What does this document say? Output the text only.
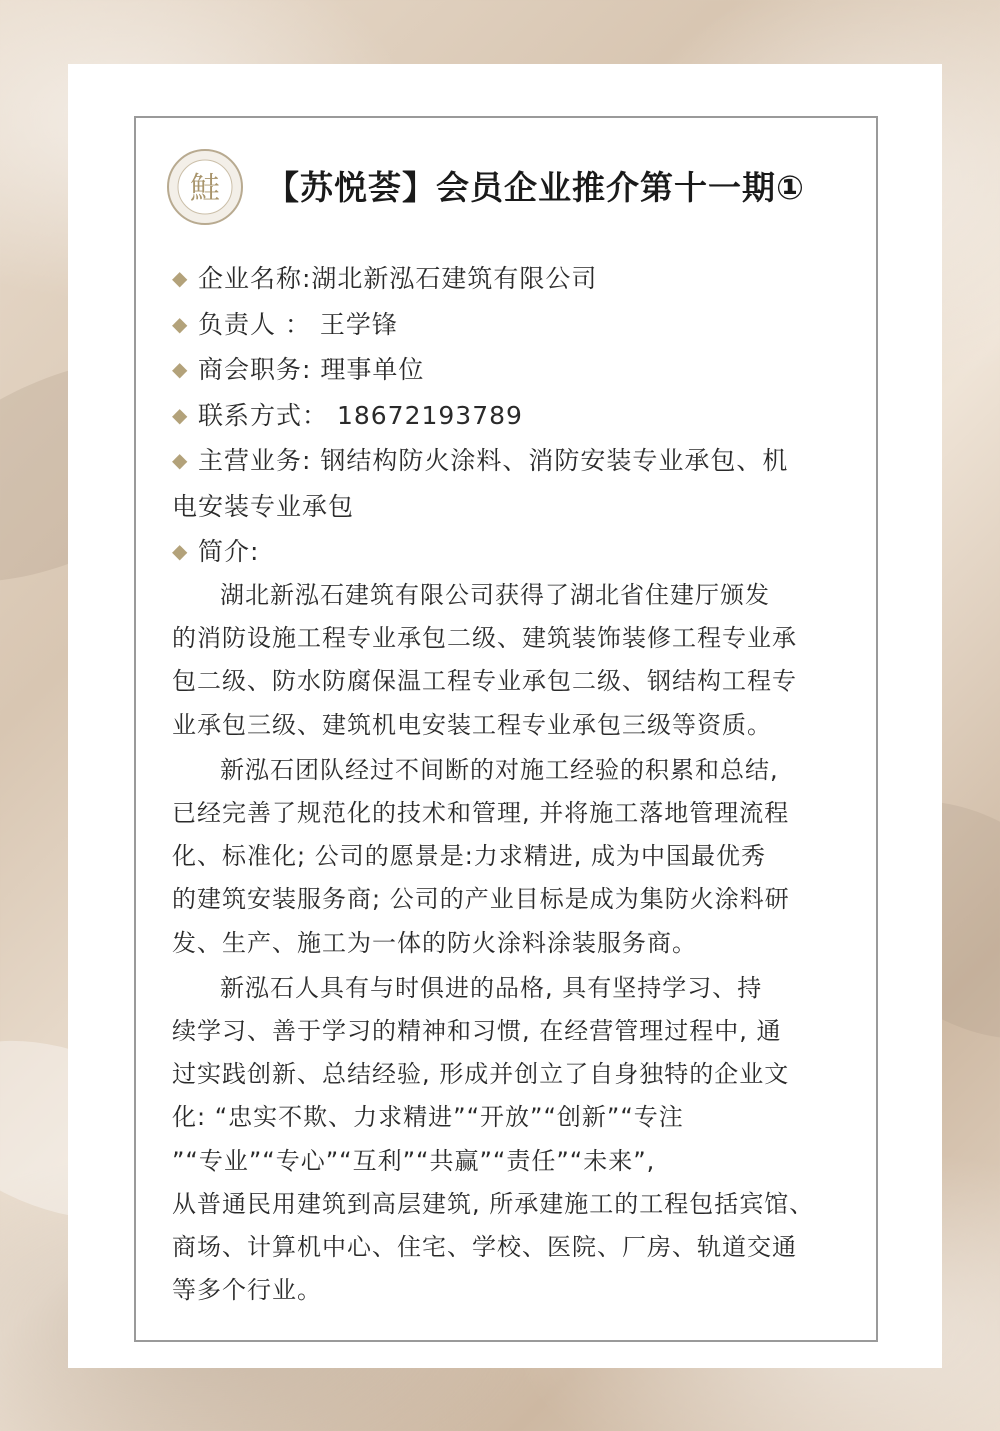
鮭 【苏悦荟】会员企业推介第十一期①
◆ 企业名称:湖北新泓石建筑有限公司
◆ 负责人 ： 王学锋
◆ 商会职务: 理事单位
◆ 联系方式： 18672193789
◆ 主营业务: 钢结构防火涂料、消防安装专业承包、机
电安装专业承包
◆ 简介:

湖北新泓石建筑有限公司获得了湖北省住建厅颁发
的消防设施工程专业承包二级、建筑装饰装修工程专业承
包二级、防水防腐保温工程专业承包二级、钢结构工程专
业承包三级、建筑机电安装工程专业承包三级等资质。

新泓石团队经过不间断的对施工经验的积累和总结,
已经完善了规范化的技术和管理, 并将施工落地管理流程
化、标准化; 公司的愿景是:力求精进, 成为中国最优秀
的建筑安装服务商; 公司的产业目标是成为集防火涂料研
发、生产、施工为一体的防火涂料涂装服务商。

新泓石人具有与时俱进的品格, 具有坚持学习、持
续学习、善于学习的精神和习惯, 在经营管理过程中, 通
过实践创新、总结经验, 形成并创立了自身独特的企业文
化: “忠实不欺、力求精进”“开放”“创新”“专注
”“专业”“专心”“互利”“共赢”“责任”“未来”,
从普通民用建筑到高层建筑, 所承建施工的工程包括宾馆、
商场、计算机中心、住宅、学校、医院、厂房、轨道交通
等多个行业。
